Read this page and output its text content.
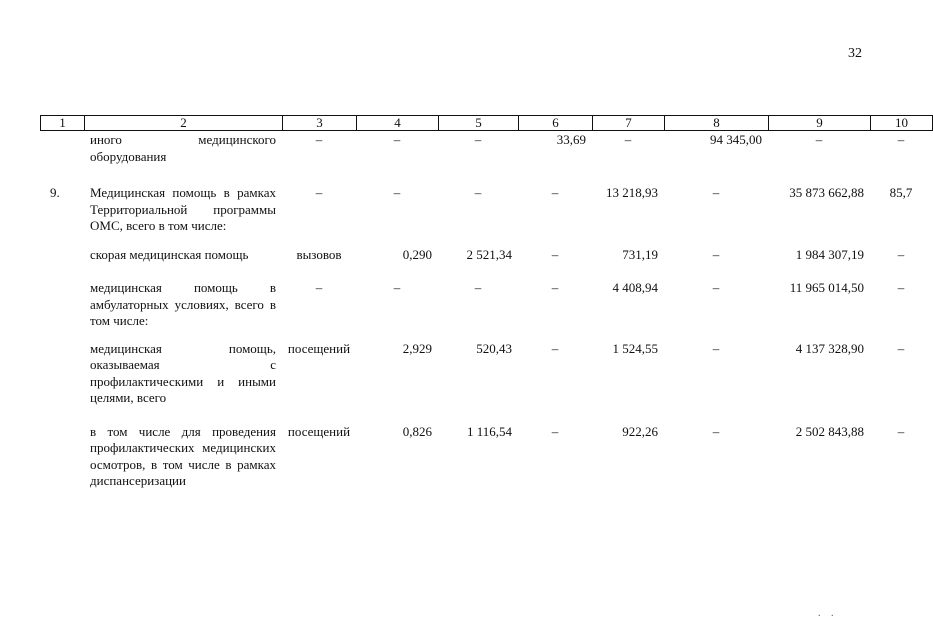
32
1	2	3	4	5	6	7	8	9	10
	иного медицинского оборудования	–	–	–	33,69	–	94 345,00	–	–

9.	Медицинская помощь в рамках Территориальной программы ОМС, всего в том числе:	–	–	–	–	13 218,93	–	35 873 662,88	85,7

	скорая медицинская помощь	вызовов	0,290	2 521,34	–	731,19	–	1 984 307,19	–

	медицинская помощь в амбулаторных условиях, всего в том числе:	–	–	–	–	4 408,94	–	11 965 014,50	–

	медицинская помощь, оказываемая с профилактическими и иными целями, всего	посещений	2,929	520,43	–	1 524,55	–	4 137 328,90	–

	в том числе для проведения профилактических медицинских осмотров, в том числе в рамках диспансеризации	посещений	0,826	1 116,54	–	922,26	–	2 502 843,88	–
. .
